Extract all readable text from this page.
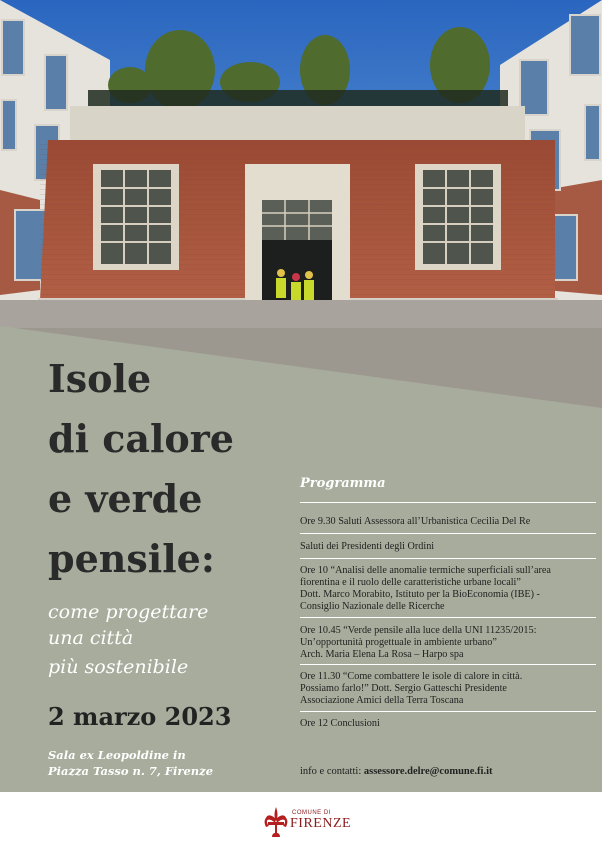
Isole
di calore
e verde
pensile:
come progettare
una città
più sostenibile
2 marzo 2023
Sala ex Leopoldine in
Piazza Tasso n. 7, Firenze
Programma
Ore 9.30 Saluti Assessora all’Urbanistica Cecilia Del Re
Saluti dei Presidenti degli Ordini
Ore 10 “Analisi delle anomalie termiche superficiali sull’area
fiorentina e il ruolo delle caratteristiche urbane locali”
Dott. Marco Morabito, Istituto per la BioEconomia (IBE) -
Consiglio Nazionale delle Ricerche
Ore 10.45 “Verde pensile alla luce della UNI 11235/2015:
Un’opportunità progettuale in ambiente urbano”
Arch. Maria Elena La Rosa – Harpo spa
Ore 11.30 “Come combattere le isole di calore in città.
Possiamo farlo!” Dott. Sergio Gatteschi Presidente
Associazione Amici della Terra Toscana
Ore 12 Conclusioni
info e contatti: assessore.delre@comune.fi.it
COMUNE DI
FIRENZE
